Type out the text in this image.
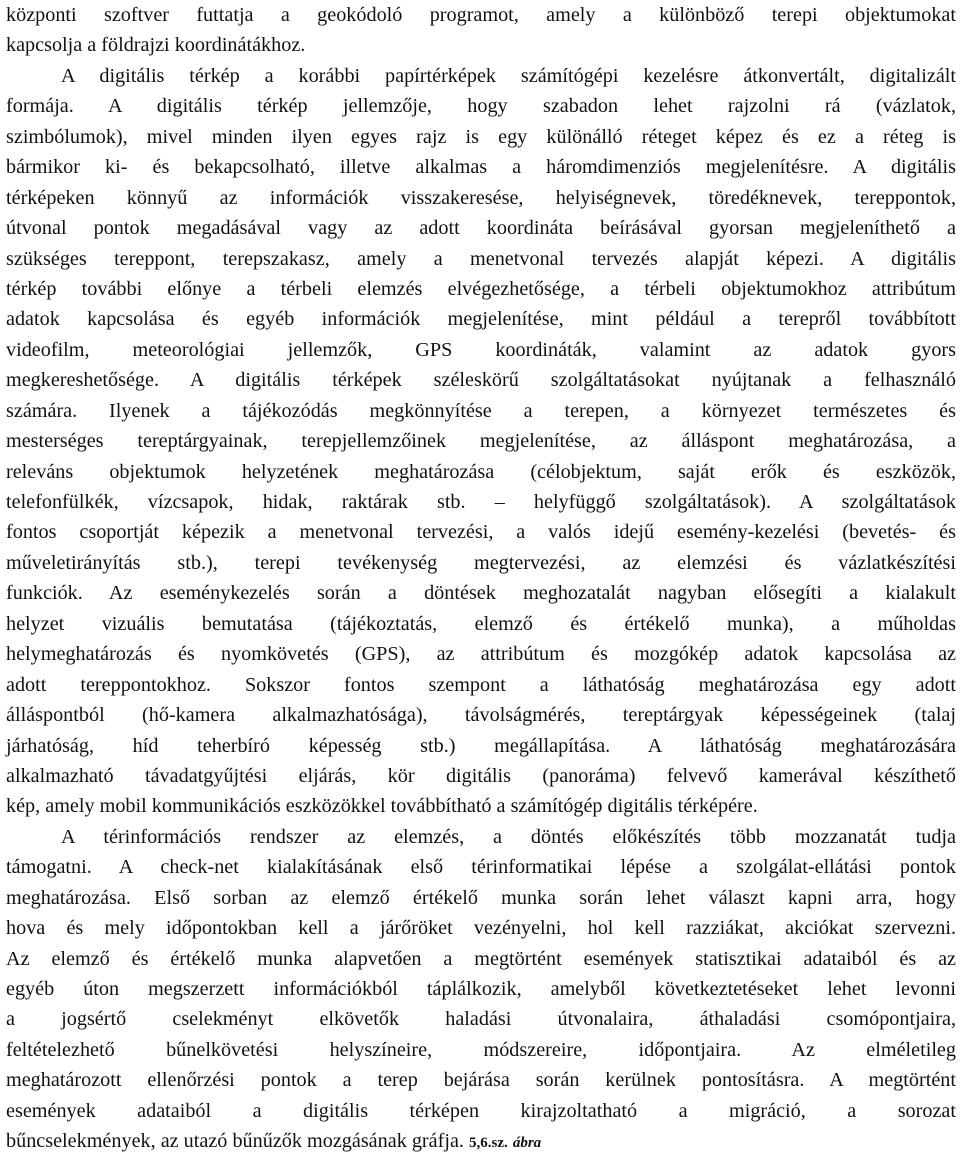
központi szoftver futtatja a geokódoló programot, amely a különböző terepi objektumokat
kapcsolja a földrajzi koordinátákhoz.
A digitális térkép a korábbi papírtérképek számítógépi kezelésre átkonvertált, digitalizált
formája. A digitális térkép jellemzője, hogy szabadon lehet rajzolni rá (vázlatok,
szimbólumok), mivel minden ilyen egyes rajz is egy különálló réteget képez és ez a réteg is
bármikor ki- és bekapcsolható, illetve alkalmas a háromdimenziós megjelenítésre. A digitális
térképeken könnyű az információk visszakeresése, helyiségnevek, töredéknevek, tereppontok,
útvonal pontok megadásával vagy az adott koordináta beírásával gyorsan megjeleníthető a
szükséges tereppont, terepszakasz, amely a menetvonal tervezés alapját képezi. A digitális
térkép további előnye a térbeli elemzés elvégezhetősége, a térbeli objektumokhoz attribútum
adatok kapcsolása és egyéb információk megjelenítése, mint például a terepről továbbított
videofilm, meteorológiai jellemzők, GPS koordináták, valamint az adatok gyors
megkereshetősége. A digitális térképek széleskörű szolgáltatásokat nyújtanak a felhasználó
számára. Ilyenek a tájékozódás megkönnyítése a terepen, a környezet természetes és
mesterséges tereptárgyainak, terepjellemzőinek megjelenítése, az álláspont meghatározása, a
releváns objektumok helyzetének meghatározása (célobjektum, saját erők és eszközök,
telefonfülkék, vízcsapok, hidak, raktárak stb. – helyfüggő szolgáltatások). A szolgáltatások
fontos csoportját képezik a menetvonal tervezési, a valós idejű esemény-kezelési (bevetés- és
műveletirányítás stb.), terepi tevékenység megtervezési, az elemzési és vázlatkészítési
funkciók. Az eseménykezelés során a döntések meghozatalát nagyban elősegíti a kialakult
helyzet vizuális bemutatása (tájékoztatás, elemző és értékelő munka), a műholdas
helymeghatározás és nyomkövetés (GPS), az attribútum és mozgókép adatok kapcsolása az
adott tereppontokhoz. Sokszor fontos szempont a láthatóság meghatározása egy adott
álláspontból (hő-kamera alkalmazhatósága), távolságmérés, tereptárgyak képességeinek (talaj
járhatóság, híd teherbíró képesség stb.) megállapítása. A láthatóság meghatározására
alkalmazható távadatgyűjtési eljárás, kör digitális (panoráma) felvevő kamerával készíthető
kép, amely mobil kommunikációs eszközökkel továbbítható a számítógép digitális térképére.
A térinformációs rendszer az elemzés, a döntés előkészítés több mozzanatát tudja
támogatni. A check-net kialakításának első térinformatikai lépése a szolgálat-ellátási pontok
meghatározása. Első sorban az elemző értékelő munka során lehet választ kapni arra, hogy
hova és mely időpontokban kell a járőröket vezényelni, hol kell razziákat, akciókat szervezni.
Az elemző és értékelő munka alapvetően a megtörtént események statisztikai adataiból és az
egyéb úton megszerzett információkból táplálkozik, amelyből következtetéseket lehet levonni
a jogsértő cselekményt elkövetők haladási útvonalaira, áthaladási csomópontjaira,
feltételezhető bűnelkövetési helyszíneire, módszereire, időpontjaira. Az elméletileg
meghatározott ellenőrzési pontok a terep bejárása során kerülnek pontosításra. A megtörtént
események adataiból a digitális térképen kirajzoltatható a migráció, a sorozat
bűncselekmények, az utazó bűnűzők mozgásának gráfja. 5,6.sz. ábra
